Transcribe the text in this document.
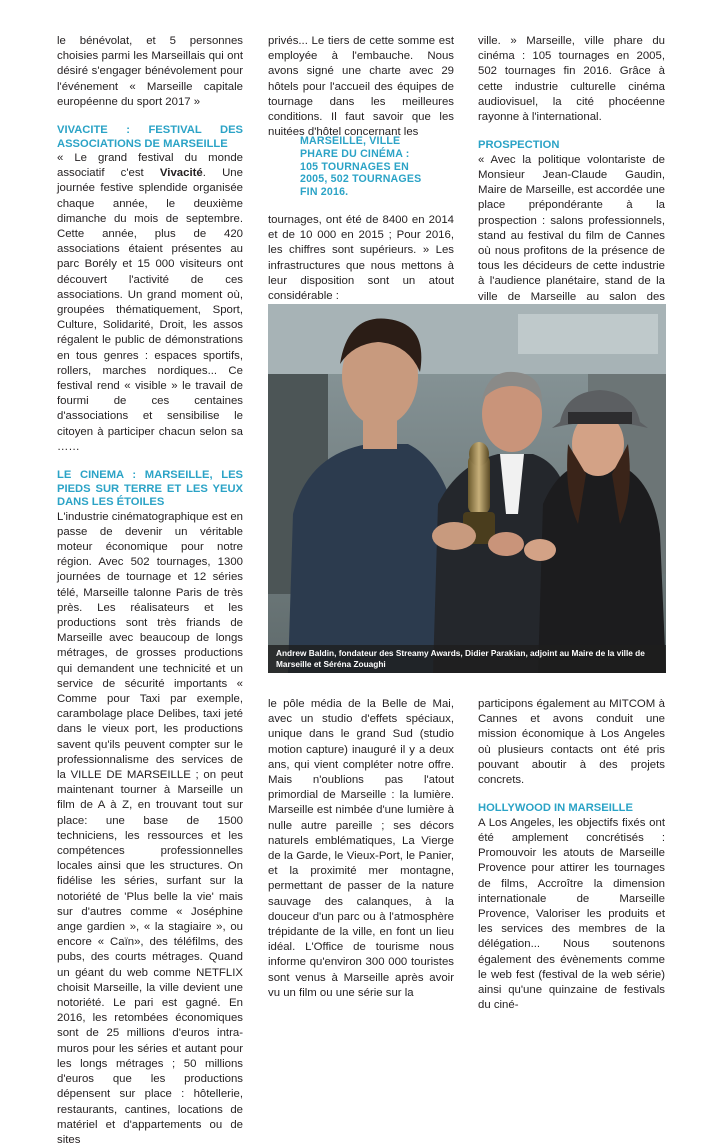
le bénévolat, et 5 personnes choisies parmi les Marseillais qui ont désiré s'engager bénévolement pour l'événement « Marseille capitale européenne du sport 2017 »

VIVACITE : FESTIVAL DES ASSOCIATIONS DE MARSEILLE

« Le grand festival du monde associatif c'est Vivacité. Une journée festive splendide organisée chaque année, le deuxième dimanche du mois de septembre. Cette année, plus de 420 associations étaient présentes au parc Borély et 15 000 visiteurs ont découvert l'activité de ces associations. Un grand moment où, groupées thématiquement, Sport, Culture, Solidarité, Droit, les assos régalent le public de démonstrations en tous genres : espaces sportifs, rollers, marches nordiques... Ce festival rend « visible » le travail de fourmi de ces centaines d'associations et sensibilise le citoyen à participer chacun selon sa ……

LE CINEMA : MARSEILLE, LES PIEDS SUR TERRE ET LES YEUX DANS LES ÉTOILES

L'industrie cinématographique est en passe de devenir un véritable moteur économique pour notre région. Avec 502 tournages, 1300 journées de tournage et 12 séries télé, Marseille talonne Paris de très près. Les réalisateurs et les productions sont très friands de Marseille avec beaucoup de longs métrages, de grosses productions qui demandent une technicité et un service de sécurité importants « Comme pour Taxi par exemple, carambolage place Delibes, taxi jeté dans le vieux port, les productions savent qu'ils peuvent compter sur le professionnalisme des services de la VILLE DE MARSEILLE ; on peut maintenant tourner à Marseille un film de A à Z, en trouvant tout sur place: une base de 1500 techniciens, les ressources et les compétences professionnelles locales ainsi que les structures. On fidélise les séries, surfant sur la notoriété de 'Plus belle la vie' mais sur d'autres comme « Joséphine ange gardien », « la stagiaire », ou encore « Caïn», des téléfilms, des pubs, des courts métrages. Quand un géant du web comme NETFLIX choisit Marseille, la ville devient une notoriété. Le pari est gagné. En 2016, les retombées économiques sont de 25 millions d'euros intra-muros pour les séries et autant pour les longs métrages ; 50 millions d'euros que les productions dépensent sur place : hôtellerie, restaurants, cantines, locations de matériel et d'appartements ou de sites

privés... Le tiers de cette somme est employée à l'embauche. Nous avons signé une charte avec 29 hôtels pour l'accueil des équipes de tournage dans les meilleures conditions. Il faut savoir que les nuitées d'hôtel concernant les

MARSEILLE, VILLE PHARE DU CINÉMA : 105 TOURNAGES EN 2005, 502 TOURNAGES FIN 2016.

tournages, ont été de 8400 en 2014 et de 10 000 en 2015 ; Pour 2016, les chiffres sont supérieurs. » Les infrastructures que nous mettons à leur disposition sont un atout considérable :

ville. » Marseille, ville phare du cinéma : 105 tournages en 2005, 502 tournages fin 2016. Grâce à cette industrie culturelle cinéma audiovisuel, la cité phocéenne rayonne à l'international.

PROSPECTION

« Avec la politique volontariste de Monsieur Jean-Claude Gaudin, Maire de Marseille, est accordée une place prépondérante à la prospection : salons professionnels, stand au festival du film de Cannes où nous profitons de la présence de tous les décideurs de cette industrie à l'audience planétaire, stand de la ville de Marseille au salon des

Andrew Baldin, fondateur des Streamy Awards, Didier Parakian, adjoint au Maire de la ville de Marseille et Séréna Zouaghi

le pôle média de la Belle de Mai, avec un studio d'effets spéciaux, unique dans le grand Sud (studio motion capture) inauguré il y a deux ans, qui vient compléter notre offre. Mais n'oublions pas l'atout primordial de Marseille : la lumière. Marseille est nimbée d'une lumière à nulle autre pareille ; ses décors naturels emblématiques, La Vierge de la Garde, le Vieux-Port, le Panier, et la proximité mer montagne, permettant de passer de la nature sauvage des calanques, à la douceur d'un parc ou à l'atmosphère trépidante de la ville, en font un lieu idéal. L'Office de tourisme nous informe qu'environ 300 000 touristes sont venus à Marseille après avoir vu un film ou une série sur la

participons également au MITCOM à Cannes et avons conduit une mission économique à Los Angeles où plusieurs contacts ont été pris pouvant aboutir à des projets concrets.

HOLLYWOOD IN MARSEILLE

A Los Angeles, les objectifs fixés ont été amplement concrétisés : Promouvoir les atouts de Marseille Provence pour attirer les tournages de films, Accroître la dimension internationale de Marseille Provence, Valoriser les produits et les services des membres de la délégation... Nous soutenons également des évènements comme le web fest (festival de la web série) ainsi qu'une quinzaine de festivals du ciné-
